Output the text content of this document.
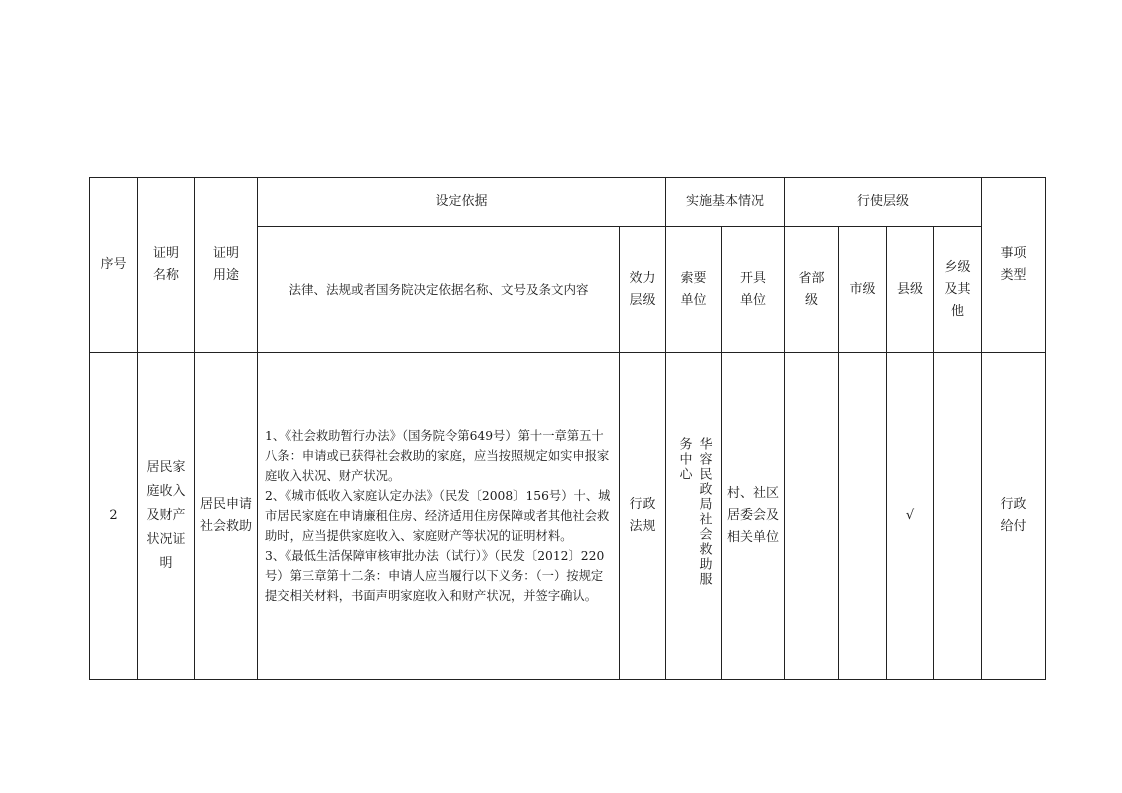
序号	证明名称	证明用途	设定依据		实施基本情况		行使层级				事项类型
			法律、法规或者国务院决定依据名称、文号及条文内容	效力层级	索要单位	开具单位	省部级	市级	县级	乡级及其他	
2	居民家庭收入及财产状况证明	居民申请社会救助	1、《社会救助暂行办法》（国务院令第649号）第十一章第五十八条：申请或已获得社会救助的家庭，应当按照规定如实申报家庭收入状况、财产状况。

2、《城市低收入家庭认定办法》（民发〔2008〕156号）十、城市居民家庭在申请廉租住房、经济适用住房保障或者其他社会救助时，应当提供家庭收入、家庭财产等状况的证明材料。

3、《最低生活保障审核审批办法（试行）》（民发〔2012〕220号）第三章第十二条：申请人应当履行以下义务：（一）按规定提交相关材料，书面声明家庭收入和财产状况，并签字确认。	行政法规	华容民政局社会救助服务中心	村、社区居委会及相关单位			√		行政给付
